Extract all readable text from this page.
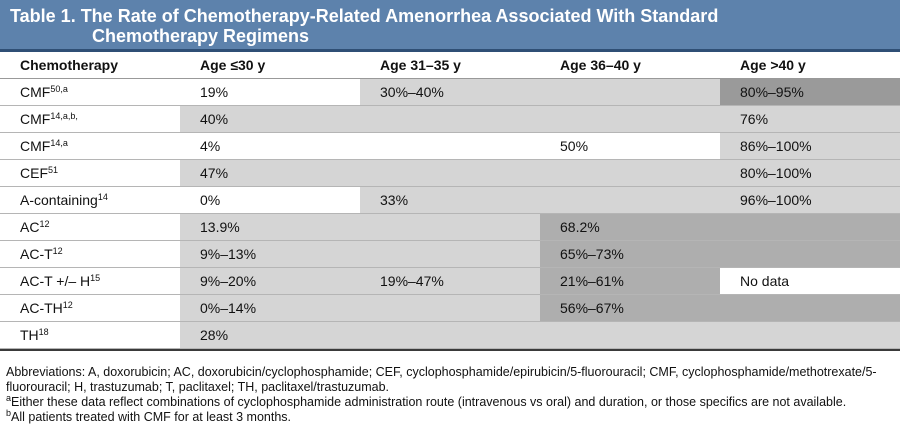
Table 1. The Rate of Chemotherapy-Related Amenorrhea Associated With Standard
Chemotherapy Regimens
Chemotherapy	Age ≤30 y	Age 31–35 y	Age 36–40 y	Age >40 y
CMF$^{50,a}$	19%	30%–40%		80%–95%
$CMF^{14,a,b,}$	40%			76%
CMF$^{14,a}$	4%		50%	86%–100%
CEF$^{51}$	47%			80%–100%
A-containing$^{14}$	0%	33%		96%–100%
AC$^{12}$	13.9%		68.2%	
$AC-T^{12}$	9%–13%		65%–73%	
AC-T +/– $H^{15}$	9%–20%	19%–47%	21%–61%	No data
AC-TH$^{12}$	0%–14%		56%–67%	
TH$^{18}$	28%			

Abbreviations: A, doxorubicin; AC, doxorubicin/cyclophosphamide; CEF, cyclophosphamide/epirubicin/5-fluorouracil; CMF, cyclophosphamide/methotrexate/5-fluorouracil; H, trastuzumab; T, paclitaxel; TH, paclitaxel/trastuzumab.

$^a$Either these data reflect combinations of cyclophosphamide administration route (intravenous vs oral) and duration, or those specifics are not available.

$^b$All patients treated with CMF for at least 3 months.
